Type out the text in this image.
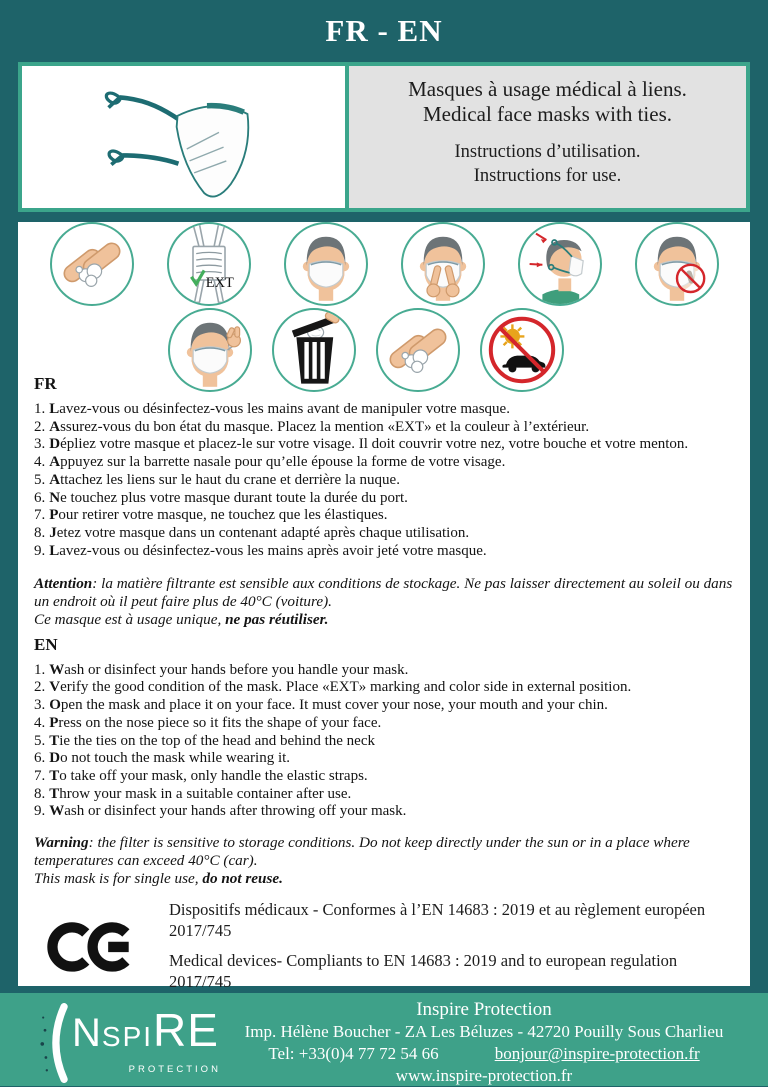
FR - EN
Masques à usage médical à liens.
Medical face masks with ties.
Instructions d’utilisation.
Instructions for use.
FR
1. Lavez-vous ou désinfectez-vous les mains avant de manipuler votre masque.
2. Assurez-vous du bon état du masque. Placez la mention «EXT» et la couleur à l’extérieur.
3. Dépliez votre masque et placez-le sur votre visage. Il doit couvrir votre nez, votre bouche et votre menton.
4. Appuyez sur la barrette nasale pour qu’elle épouse la forme de votre visage.
5. Attachez les liens sur le haut du crane et derrière la nuque.
6. Ne touchez plus votre masque durant toute la durée du port.
7. Pour retirer votre masque, ne touchez que les élastiques.
8. Jetez votre masque dans un contenant adapté après chaque utilisation.
9. Lavez-vous ou désinfectez-vous les mains après avoir jeté votre masque.

Attention: la matière filtrante est sensible aux conditions de stockage. Ne pas laisser directement au soleil ou dans un endroit où il peut faire plus de 40°C (voiture).
Ce masque est à usage unique, ne pas réutiliser.

EN
1. Wash or disinfect your hands before you handle your mask.
2. Verify the good condition of the mask. Place «EXT» marking and color side in external position.
3. Open the mask and place it on your face. It must cover your nose, your mouth and your chin.
4. Press on the nose piece so it fits the shape of your face.
5. Tie the ties on the top of the head and behind the neck
6. Do not touch the mask while wearing it.
7. To take off your mask, only handle the elastic straps.
8. Throw your mask in a suitable container after use.
9. Wash or disinfect your hands after throwing off your mask.

Warning: the filter is sensitive to storage conditions. Do not keep directly under the sun or in a place where temperatures can exceed 40°C (car).
This mask is for single use, do not reuse.

Dispositifs médicaux - Conformes à l’EN 14683 : 2019 et au règlement européen 2017/745

Medical devices- Compliants to EN 14683 : 2019 and to european regulation 2017/745

N SPI RE
PROTECTION
Inspire Protection
Imp. Hélène Boucher - ZA Les Béluzes - 42720 Pouilly Sous Charlieu
Tel: +33(0)4 77 72 54 66	bonjour@inspire-protection.fr
www.inspire-protection.fr
